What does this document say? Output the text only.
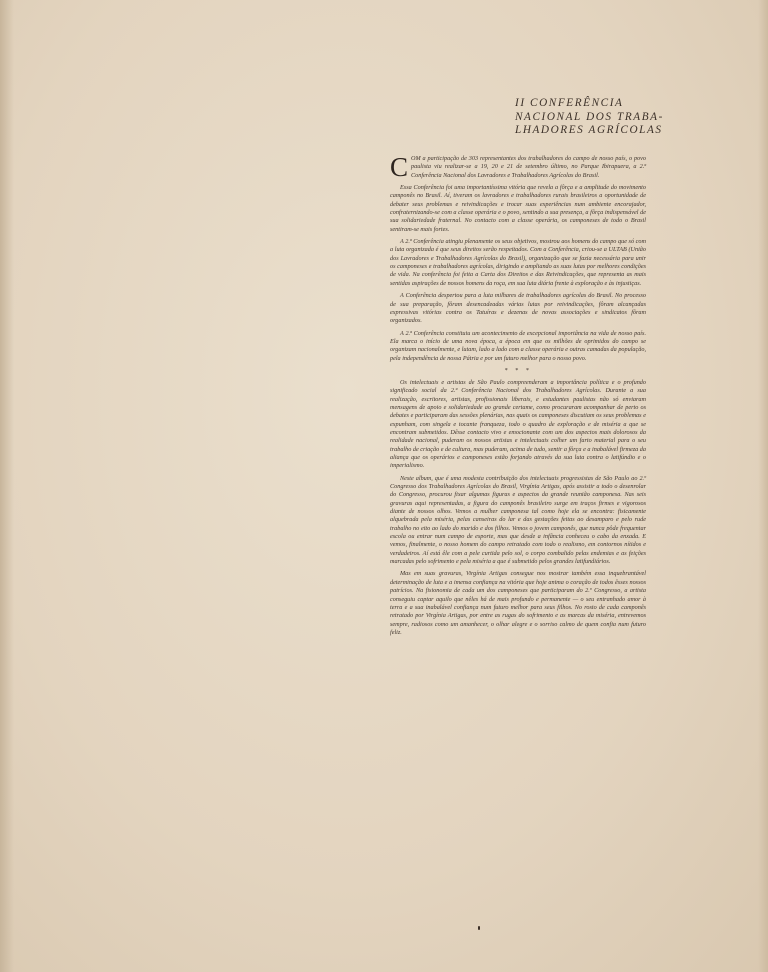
II CONFERÊNCIA
NACIONAL DOS TRABA-
LHADORES AGRÍCOLAS

COM a participação de 303 representantes dos trabalhadores do campo de nosso país, o povo paulista viu realizar-se a 19, 20 e 21 de setembro último, no Parque Ibirapuera, a 2.ª Conferência Nacional dos Lavradores e Trabalhadores Agrícolas do Brasil.

Essa Conferência foi uma importantíssima vitória que revela a fôrça e a amplitude do movimento camponês no Brasil. Aí, tiveram os lavradores e trabalhadores rurais brasileiros a oportunidade de debater seus problemas e reivindicações e trocar suas experiências num ambiente encorajador, confraternizando-se com a classe operária e o povo, sentindo a sua presença, a fôrça indispensável de sua solidariedade fraternal. No contacto com a classe operária, os camponeses de todo o Brasil sentiram-se mais fortes.

A 2.ª Conferência atingiu plenamente os seus objetivos, mostrou aos homens do campo que só com a luta organizada é que seus direitos serão respeitados. Com a Conferência, criou-se a ULTAB (União dos Lavradores e Trabalhadores Agrícolas do Brasil), organização que se fazia necessária para unir os camponeses e trabalhadores agrícolas, dirigindo e ampliando as suas lutas por melhores condições de vida. Na conferência foi feita a Carta dos Direitos e das Reivindicações, que representa as mais sentidas aspirações de nossos homens da roça, em sua luta diária frente à exploração e às injustiças.

A Conferência despertou para a luta milhares de trabalhadores agrícolas do Brasil. No processo de sua preparação, fôram desencadeadas várias lutas por reivindicações, fôram alcançadas expressivas vitórias contra os Tatuíras e dezenas de novas associações e sindicatos fôram organizados.

A 2.ª Conferência constituiu um acontecimento de excepcional importância na vida de nosso país. Ela marca o início de uma nova época, a época em que os milhões de oprimidos do campo se organizam nacionalmente, e lutam, lado a lado com a classe operária e outras camadas da população, pela independência de nossa Pátria e por um futuro melhor para o nosso povo.

* * *

Os intelectuais e artistas de São Paulo compreenderam a importância política e o profundo significado social da 2.ª Conferência Nacional dos Trabalhadores Agrícolas. Durante a sua realização, escritores, artistas, profissionais liberais, e estudantes paulistas não só enviaram mensagens de apoio e solidariedade ao grande certame, como procuraram acompanhar de perto os debates e participaram das sessões plenárias, nas quais os camponeses discutiam os seus problemas e expunham, com singela e tocante franqueza, todo o quadro de exploração e de miséria a que se encontram submetidos. Dêsse contacto vivo e emocionante com um dos aspectos mais dolorosos da realidade nacional, puderam os nossos artistas e intelectuais colher um farto material para o seu trabalho de criação e de cultura, mas puderam, acima de tudo, sentir a fôrça e a inabalável firmeza da aliança que os operários e camponeses estão forjando através da sua luta contra o latifúndio e o imperialismo.

Neste album, que é uma modesta contribuição dos intelectuais progressistas de São Paulo ao 2.º Congresso dos Trabalhadores Agrícolas do Brasil, Virgínia Artigas, após assistir a todo o desenrolar do Congresso, procurou fixar algumas figuras e aspectos da grande reunião camponesa. Nas seis gravuras aqui representadas, a figura do camponês brasileiro surge em traços firmes e vigorosos diante de nossos olhos. Vemos a mulher camponesa tal como hoje ela se encontra: fisicamente alquebrada pela miséria, pelas canseiras do lar e das gestações feitas ao desamparo e pelo rude trabalho no eito ao lado do marido e dos filhos. Vemos o jovem camponês, que nunca pôde frequentar escola ou entrar num campo de esporte, mas que desde a infância conheceu o cabo da enxada. E vemos, finalmente, o nosso homem do campo retratado com todo o realismo, em contornos nítidos e verdadeiros. Aí está êle com a pele curtida pelo sol, o corpo combalido pelas endemias e as feições marcadas pelo sofrimento e pela miséria a que é submetido pelos grandes latifundiários.

Mas em suas gravuras, Virgínia Artigas consegue nos mostrar também essa inquebrantável determinação de luta e a imensa confiança na vitória que hoje anima o coração de todos êsses nossos patrícios. Na fisionomia de cada um dos camponeses que participaram do 2.º Congresso, a artista conseguiu captar aquilo que nêles há de mais profundo e permanente — o seu entranhado amor à terra e a sua inabalável confiança num futuro melhor para seus filhos. No rosto de cada camponês retratado por Virgínia Artigas, por entre as rugas do sofrimento e as marcas da miséria, entrevemos sempre, radiosos como um amanhecer, o olhar alegre e o sorriso calmo de quem confia num futuro feliz.
